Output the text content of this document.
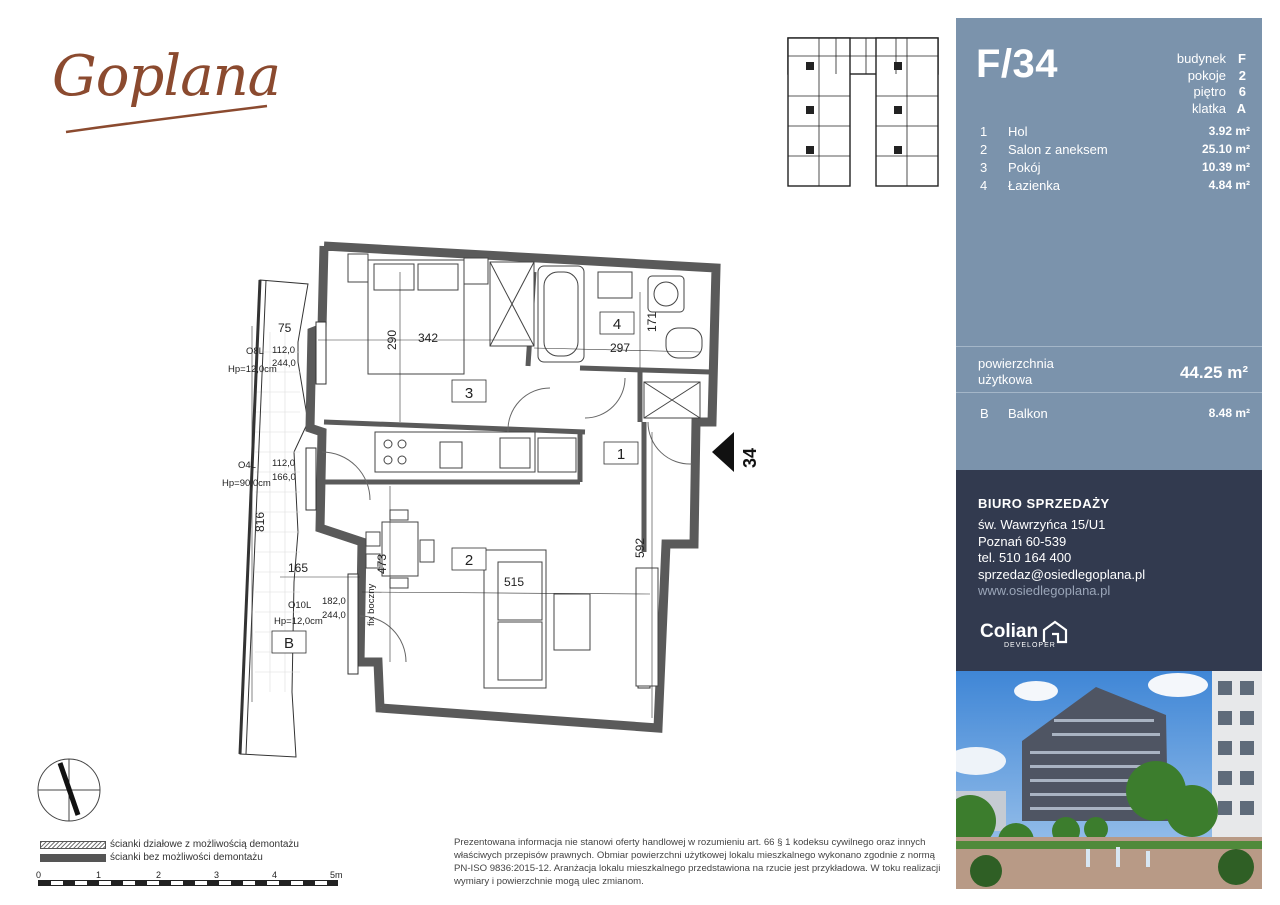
Goplana
3
4
1
2
B
75
290 342
297
171
816
165	473
515
592
112,0
244,0
Hp=12,0cm
O8L
112,0
166,0
Hp=90,0cm
O4L
182,0
244,0
Hp=12,0cm
O10L	fix boczny
34
ścianki działowe z możliwością demontażu
ścianki bez możliwości demontażu
0	1	2	3	4	5m
Prezentowana informacja nie stanowi oferty handlowej w rozumieniu art. 66 § 1 kodeksu cywilnego oraz innych właściwych przepisów prawnych. Obmiar powierzchni użytkowej lokalu mieszkalnego wykonano zgodnie z normą PN-ISO 9836:2015-12. Aranżacja lokalu mieszkalnego przedstawiona na rzucie jest przykładowa. W toku realizacji wymiary i powierzchnie mogą ulec zmianom.
F/34	budynek F
pokoje 2
piętro 6
klatka A
1	Hol	3.92 m²
2	Salon z aneksem	25.10 m²
3	Pokój	10.39 m²
4	Łazienka	4.84 m²
powierzchnia
użytkowa	44.25 m²
B	Balkon	8.48 m²
BIURO SPRZEDAŻY
św. Wawrzyńca 15/U1
Poznań 60-539
tel. 510 164 400
sprzedaz@osiedlegoplana.pl
www.osiedlegoplana.pl
Colian
DEVELOPER
